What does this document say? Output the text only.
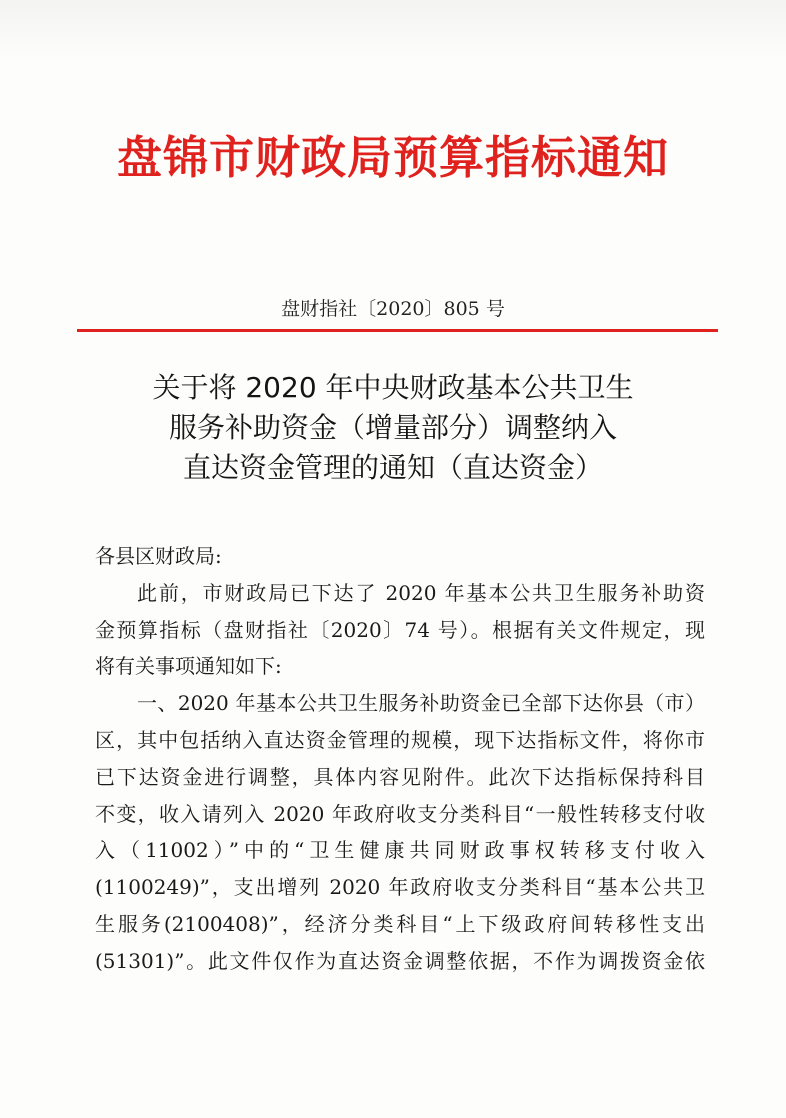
盘锦市财政局预算指标通知
盘财指社〔2020〕805 号
关于将 2020 年中央财政基本公共卫生
服务补助资金（增量部分）调整纳入
直达资金管理的通知（直达资金）
各县区财政局:
此前，市财政局已下达了 2020 年基本公共卫生服务补助资
金预算指标（盘财指社〔2020〕74 号）。根据有关文件规定，现
将有关事项通知如下:
一、2020 年基本公共卫生服务补助资金已全部下达你县（市）
区，其中包括纳入直达资金管理的规模，现下达指标文件，将你市
已下达资金进行调整，具体内容见附件。此次下达指标保持科目
不变，收入请列入 2020 年政府收支分类科目“一般性转移支付收
入（11002）”中的“卫生健康共同财政事权转移支付收入
(1100249)”，支出增列 2020 年政府收支分类科目“基本公共卫
生服务(2100408)”，经济分类科目“上下级政府间转移性支出
(51301)”。此文件仅作为直达资金调整依据，不作为调拨资金依
